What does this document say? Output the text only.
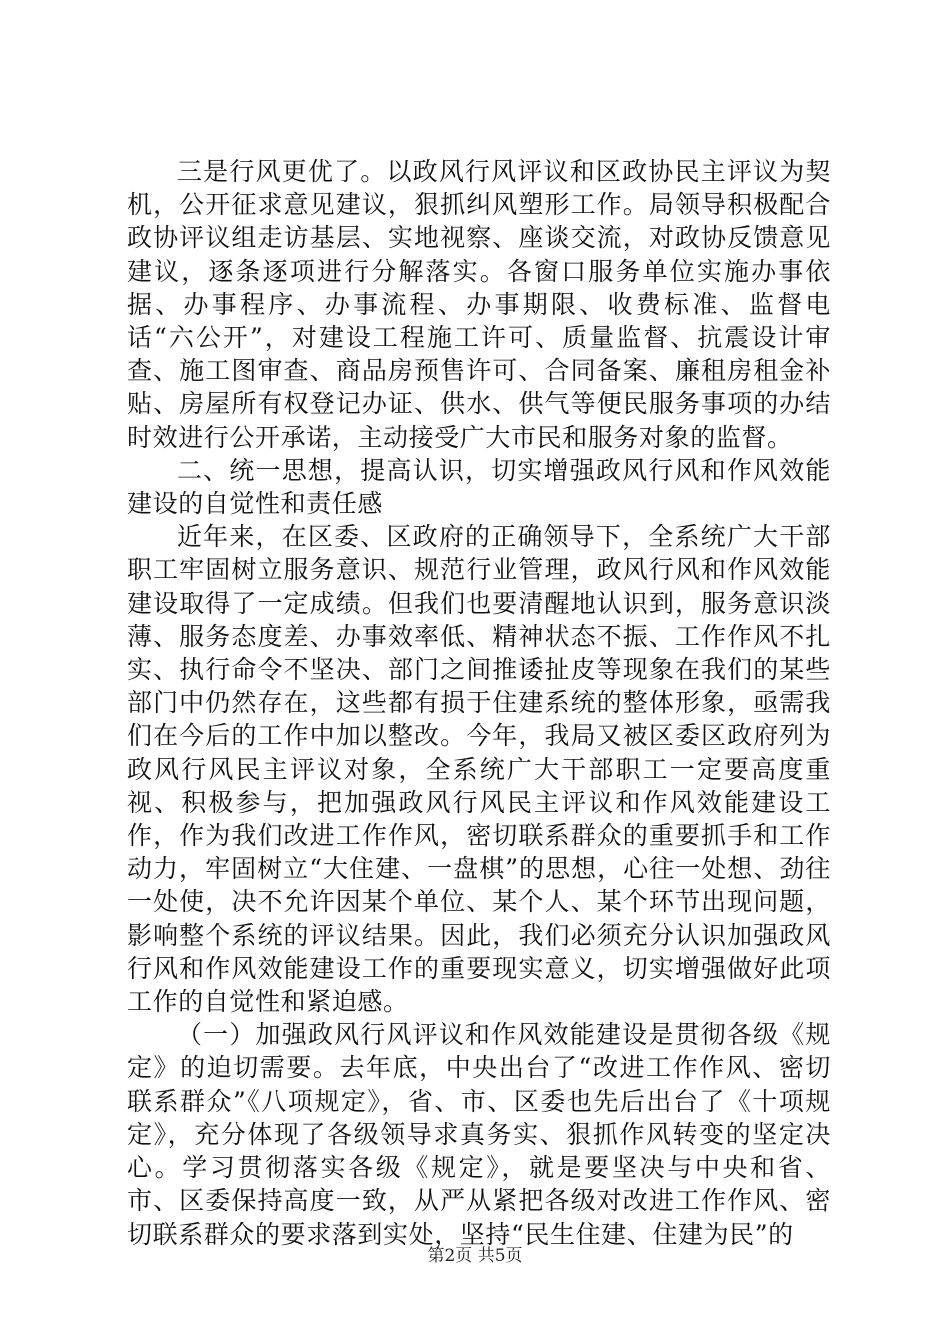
三是行风更优了。以政风行风评议和区政协民主评议为契机，公开征求意见建议，狠抓纠风塑形工作。局领导积极配合政协评议组走访基层、实地视察、座谈交流，对政协反馈意见建议，逐条逐项进行分解落实。各窗口服务单位实施办事依据、办事程序、办事流程、办事期限、收费标准、监督电话“六公开”，对建设工程施工许可、质量监督、抗震设计审查、施工图审查、商品房预售许可、合同备案、廉租房租金补贴、房屋所有权登记办证、供水、供气等便民服务事项的办结时效进行公开承诺，主动接受广大市民和服务对象的监督。

二、统一思想，提高认识，切实增强政风行风和作风效能建设的自觉性和责任感

近年来，在区委、区政府的正确领导下，全系统广大干部职工牢固树立服务意识、规范行业管理，政风行风和作风效能建设取得了一定成绩。但我们也要清醒地认识到，服务意识淡薄、服务态度差、办事效率低、精神状态不振、工作作风不扎实、执行命令不坚决、部门之间推诿扯皮等现象在我们的某些部门中仍然存在，这些都有损于住建系统的整体形象，亟需我们在今后的工作中加以整改。今年，我局又被区委区政府列为政风行风民主评议对象，全系统广大干部职工一定要高度重视、积极参与，把加强政风行风民主评议和作风效能建设工作，作为我们改进工作作风，密切联系群众的重要抓手和工作动力，牢固树立“大住建、一盘棋”的思想，心往一处想、劲往一处使，决不允许因某个单位、某个人、某个环节出现问题，影响整个系统的评议结果。因此，我们必须充分认识加强政风行风和作风效能建设工作的重要现实意义，切实增强做好此项工作的自觉性和紧迫感。

（一）加强政风行风评议和作风效能建设是贯彻各级《规定》的迫切需要。去年底，中央出台了“改进工作作风、密切联系群众”《八项规定》，省、市、区委也先后出台了《十项规定》，充分体现了各级领导求真务实、狠抓作风转变的坚定决心。学习贯彻落实各级《规定》，就是要坚决与中央和省、市、区委保持高度一致，从严从紧把各级对改进工作作风、密切联系群众的要求落到实处，坚持“民生住建、住建为民”的

第2页 共5页
